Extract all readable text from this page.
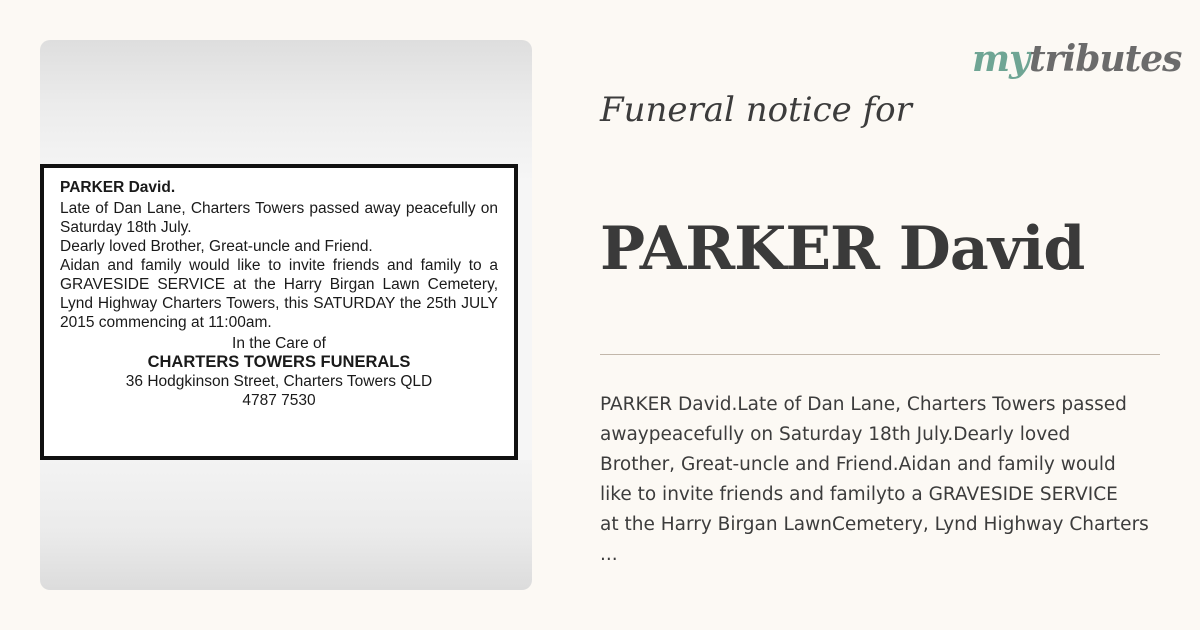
PARKER David.

Late of Dan Lane, Charters Towers passed away peacefully on Saturday 18th July.

Dearly loved Brother, Great-uncle and Friend.

Aidan and family would like to invite friends and family to a GRAVESIDE SERVICE at the Harry Birgan Lawn Cemetery, Lynd Highway Charters Towers, this SATURDAY the 25th JULY 2015 commencing at 11:00am.

In the Care of

CHARTERS TOWERS FUNERALS

36 Hodgkinson Street, Charters Towers QLD

4787 7530

mytributes
Funeral notice for
PARKER David
PARKER David.Late of Dan Lane, Charters Towers passed
awaypeacefully on Saturday 18th July.Dearly loved
Brother, Great-uncle and Friend.Aidan and family would
like to invite friends and familyto a GRAVESIDE SERVICE
at the Harry Birgan LawnCemetery, Lynd Highway Charters
...
